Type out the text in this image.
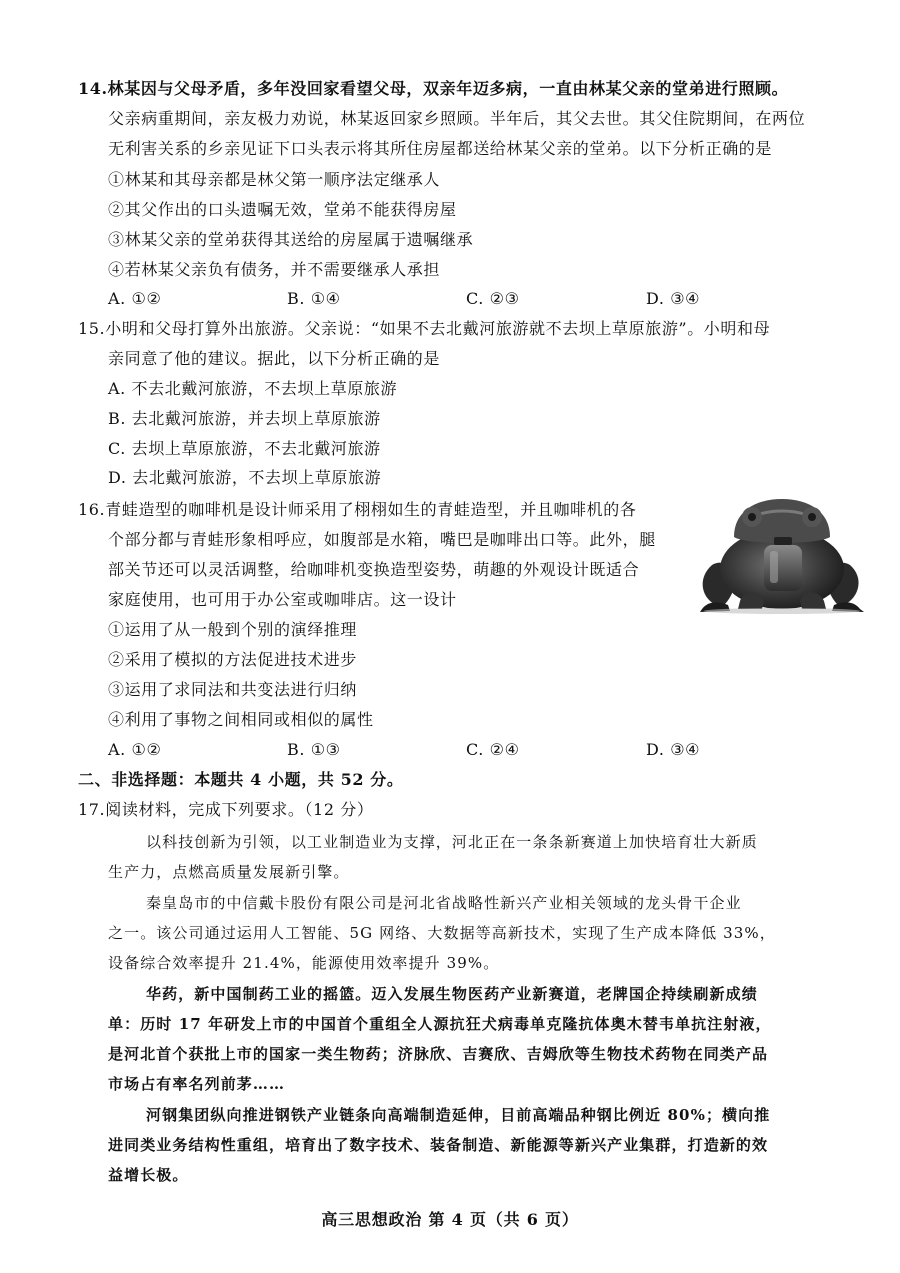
14.林某因与父母矛盾，多年没回家看望父母，双亲年迈多病，一直由林某父亲的堂弟进行照顾。
父亲病重期间，亲友极力劝说，林某返回家乡照顾。半年后，其父去世。其父住院期间，在两位
无利害关系的乡亲见证下口头表示将其所住房屋都送给林某父亲的堂弟。以下分析正确的是
①林某和其母亲都是林父第一顺序法定继承人
②其父作出的口头遗嘱无效，堂弟不能获得房屋
③林某父亲的堂弟获得其送给的房屋属于遗嘱继承
④若林某父亲负有债务，并不需要继承人承担
A. ①②	B. ①④	C. ②③	D. ③④
15.小明和父母打算外出旅游。父亲说：“如果不去北戴河旅游就不去坝上草原旅游”。小明和母
亲同意了他的建议。据此，以下分析正确的是
A. 不去北戴河旅游，不去坝上草原旅游
B. 去北戴河旅游，并去坝上草原旅游
C. 去坝上草原旅游，不去北戴河旅游
D. 去北戴河旅游，不去坝上草原旅游
16.青蛙造型的咖啡机是设计师采用了栩栩如生的青蛙造型，并且咖啡机的各
个部分都与青蛙形象相呼应，如腹部是水箱，嘴巴是咖啡出口等。此外，腿
部关节还可以灵活调整，给咖啡机变换造型姿势，萌趣的外观设计既适合
家庭使用，也可用于办公室或咖啡店。这一设计
①运用了从一般到个别的演绎推理
②采用了模拟的方法促进技术进步
③运用了求同法和共变法进行归纳
④利用了事物之间相同或相似的属性
A. ①②	B. ①③	C. ②④	D. ③④
二、非选择题：本题共 4 小题，共 52 分。
17.阅读材料，完成下列要求。（12 分）
以科技创新为引领，以工业制造业为支撑，河北正在一条条新赛道上加快培育壮大新质
生产力，点燃高质量发展新引擎。
秦皇岛市的中信戴卡股份有限公司是河北省战略性新兴产业相关领域的龙头骨干企业
之一。该公司通过运用人工智能、5G 网络、大数据等高新技术，实现了生产成本降低 33%，
设备综合效率提升 21.4%，能源使用效率提升 39%。
华药，新中国制药工业的摇篮。迈入发展生物医药产业新赛道，老牌国企持续刷新成绩
单：历时 17 年研发上市的中国首个重组全人源抗狂犬病毒单克隆抗体奥木替韦单抗注射液，
是河北首个获批上市的国家一类生物药；济脉欣、吉赛欣、吉姆欣等生物技术药物在同类产品
市场占有率名列前茅……
河钢集团纵向推进钢铁产业链条向高端制造延伸，目前高端品种钢比例近 80%；横向推
进同类业务结构性重组，培育出了数字技术、装备制造、新能源等新兴产业集群，打造新的效
益增长极。
高三思想政治 第 4 页（共 6 页）
